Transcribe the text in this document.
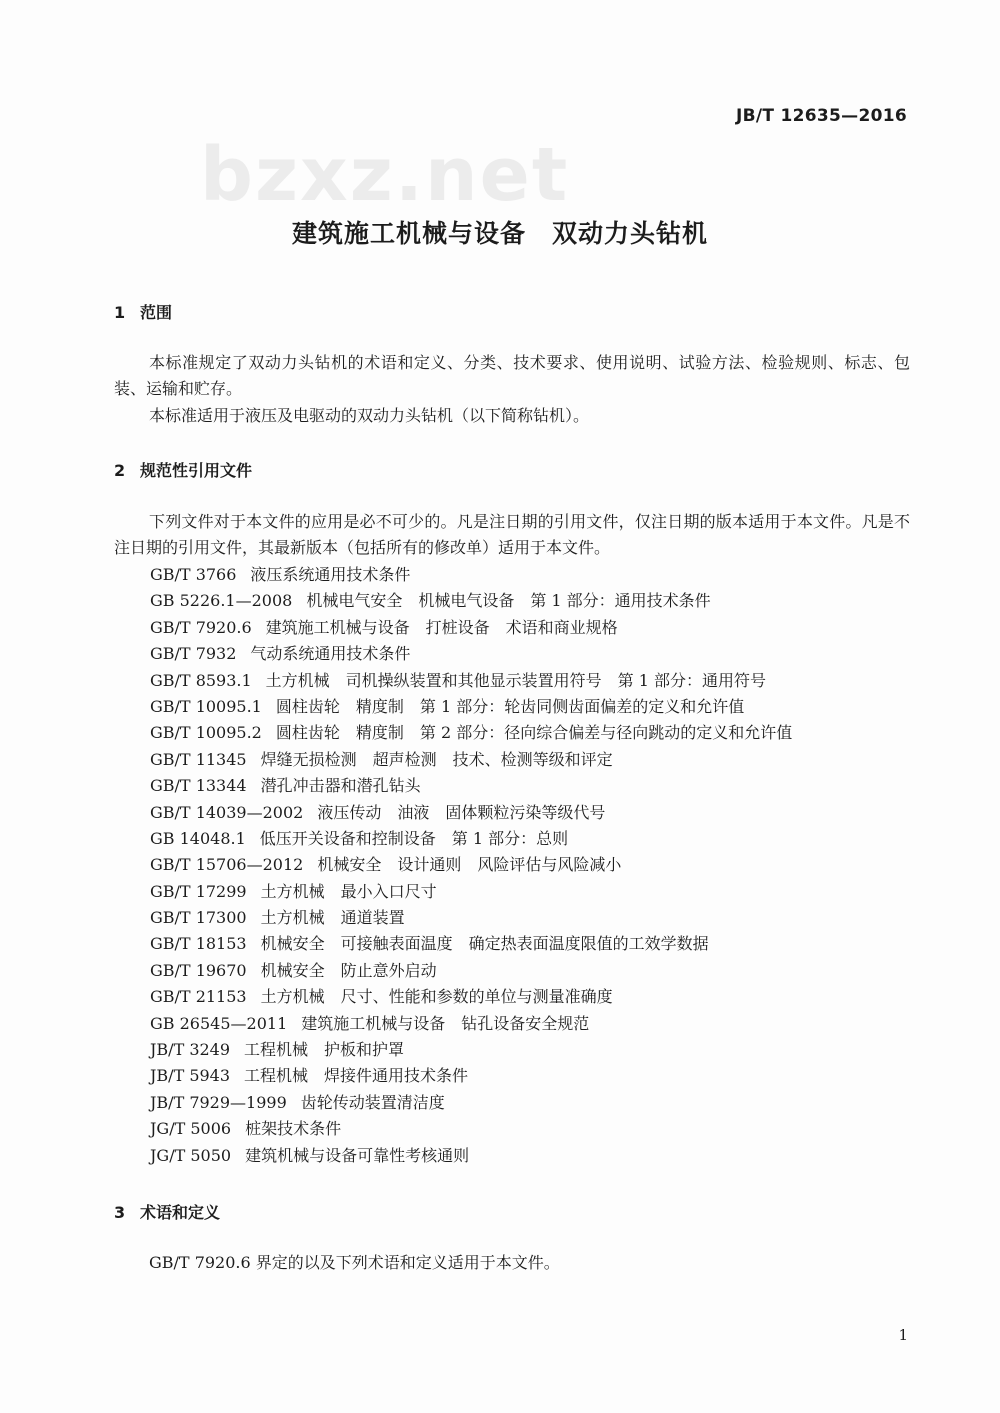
JB/T 12635—2016
bzxz.net
建筑施工机械与设备　双动力头钻机
1 范围
本标准规定了双动力头钻机的术语和定义、分类、技术要求、使用说明、试验方法、检验规则、标志、包装、运输和贮存。
本标准适用于液压及电驱动的双动力头钻机（以下简称钻机）。
2 规范性引用文件
下列文件对于本文件的应用是必不可少的。凡是注日期的引用文件，仅注日期的版本适用于本文件。凡是不注日期的引用文件，其最新版本（包括所有的修改单）适用于本文件。
GB/T 3766 液压系统通用技术条件
GB 5226.1—2008 机械电气安全　机械电气设备　第 1 部分：通用技术条件
GB/T 7920.6 建筑施工机械与设备　打桩设备　术语和商业规格
GB/T 7932 气动系统通用技术条件
GB/T 8593.1 土方机械　司机操纵装置和其他显示装置用符号　第 1 部分：通用符号
GB/T 10095.1 圆柱齿轮　精度制　第 1 部分：轮齿同侧齿面偏差的定义和允许值
GB/T 10095.2 圆柱齿轮　精度制　第 2 部分：径向综合偏差与径向跳动的定义和允许值
GB/T 11345 焊缝无损检测　超声检测　技术、检测等级和评定
GB/T 13344 潜孔冲击器和潜孔钻头
GB/T 14039—2002 液压传动　油液　固体颗粒污染等级代号
GB 14048.1 低压开关设备和控制设备　第 1 部分：总则
GB/T 15706—2012 机械安全　设计通则　风险评估与风险减小
GB/T 17299 土方机械　最小入口尺寸
GB/T 17300 土方机械　通道装置
GB/T 18153 机械安全　可接触表面温度　确定热表面温度限值的工效学数据
GB/T 19670 机械安全　防止意外启动
GB/T 21153 土方机械　尺寸、性能和参数的单位与测量准确度
GB 26545—2011 建筑施工机械与设备　钻孔设备安全规范
JB/T 3249 工程机械　护板和护罩
JB/T 5943 工程机械　焊接件通用技术条件
JB/T 7929—1999 齿轮传动装置清洁度
JG/T 5006 桩架技术条件
JG/T 5050 建筑机械与设备可靠性考核通则
3 术语和定义
GB/T 7920.6 界定的以及下列术语和定义适用于本文件。
1
